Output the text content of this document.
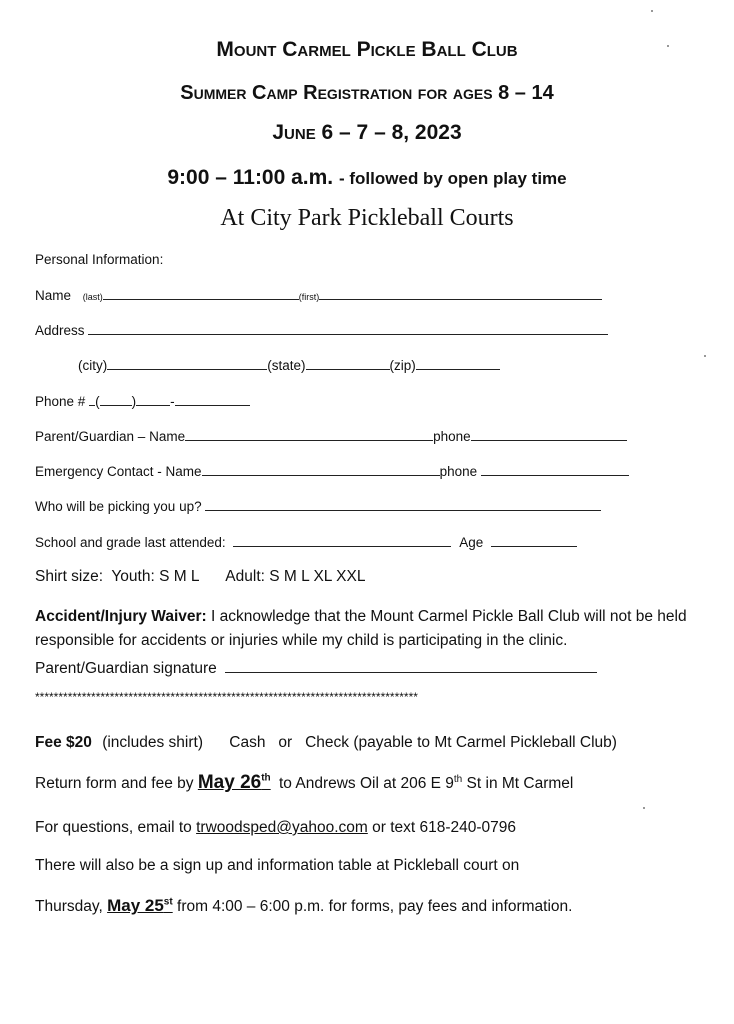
Mount Carmel Pickle Ball Club
Summer Camp Registration for ages 8 – 14
June 6 – 7 – 8, 2023
9:00 – 11:00 a.m. - followed by open play time
At City Park Pickleball Courts
Personal Information:
Name (last)	(first)
Address
(city)	(state)	(zip)
Phone # ( )	-
Parent/Guardian – Name	phone
Emergency Contact - Name	phone
Who will be picking you up?
School and grade last attended:	Age
Shirt size: Youth: S M L Adult: S M L XL XXL
Accident/Injury Waiver: I acknowledge that the Mount Carmel Pickle Ball Club will not be held responsible for accidents or injuries while my child is participating in the clinic.
Parent/Guardian signature
**********************************************************************************
Fee $20 (includes shirt) Cash   or   Check (payable to Mt Carmel Pickleball Club)
Return form and fee by May 26th to Andrews Oil at 206 E 9th St in Mt Carmel
For questions, email to trwoodsped@yahoo.com or text 618-240-0796
There will also be a sign up and information table at Pickleball court on
Thursday, May 25st from 4:00 – 6:00 p.m. for forms, pay fees and information.
